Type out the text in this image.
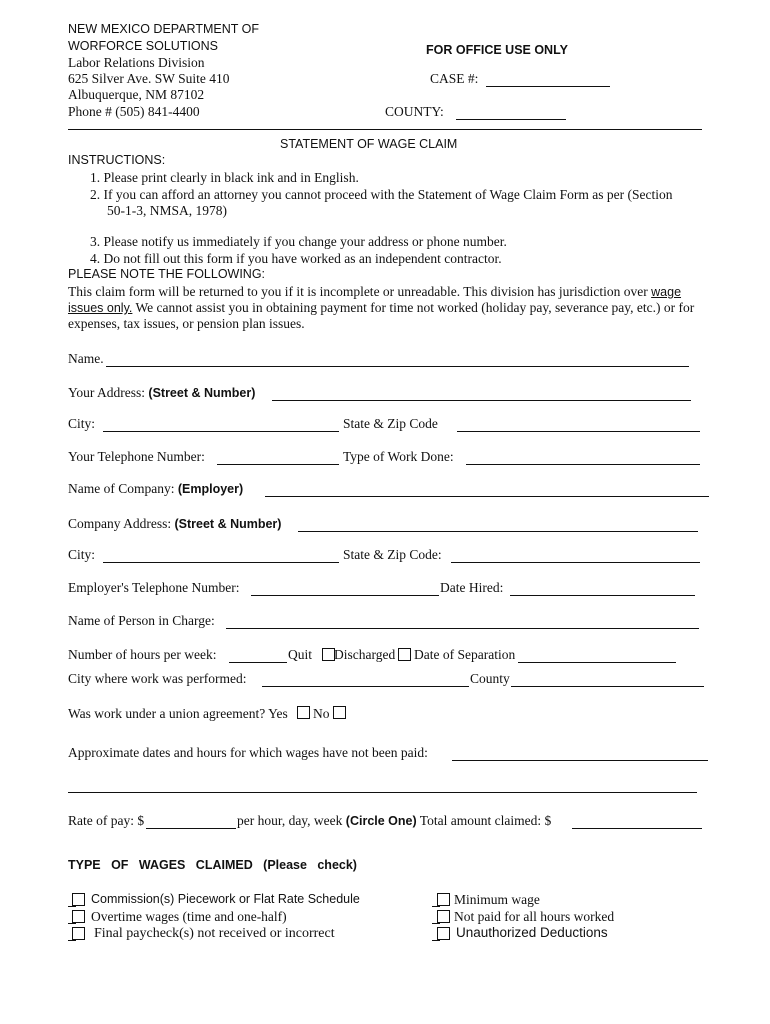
NEW MEXICO DEPARTMENT OF
WORFORCE SOLUTIONS
Labor Relations Division
625 Silver Ave. SW Suite 410
Albuquerque, NM 87102
Phone # (505) 841-4400
FOR OFFICE USE ONLY
CASE #:
COUNTY:
STATEMENT OF WAGE CLAIM
INSTRUCTIONS:
1. Please print clearly in black ink and in English.
2. If you can afford an attorney you cannot proceed with the Statement of Wage Claim Form as per (Section
50-1-3, NMSA, 1978)
3. Please notify us immediately if you change your address or phone number.
4. Do not fill out this form if you have worked as an independent contractor.
PLEASE NOTE THE FOLLOWING:
This claim form will be returned to you if it is incomplete or unreadable. This division has jurisdiction over wage issues only. We cannot assist you in obtaining payment for time not worked (holiday pay, severance pay, etc.) or for expenses, tax issues, or pension plan issues.
Name.
Your Address: (Street & Number)
City:	State & Zip Code
Your Telephone Number:	Type of Work Done:
Name of Company: (Employer)
Company Address: (Street & Number)
City:	State & Zip Code:
Employer's Telephone Number:	Date Hired:
Name of Person in Charge:
Number of hours per week:	Quit Discharged Date of Separation
City where work was performed:	County
Was work under a union agreement? Yes No
Approximate dates and hours for which wages have not been paid:
Rate of pay: $	per hour, day, week (Circle One) Total amount claimed: $
TYPE   OF   WAGES   CLAIMED   (Please   check)
Commission(s) Piecework or Flat Rate Schedule
Overtime wages (time and one-half)
Final paycheck(s) not received or incorrect
Minimum wage
Not paid for all hours worked
Unauthorized Deductions
